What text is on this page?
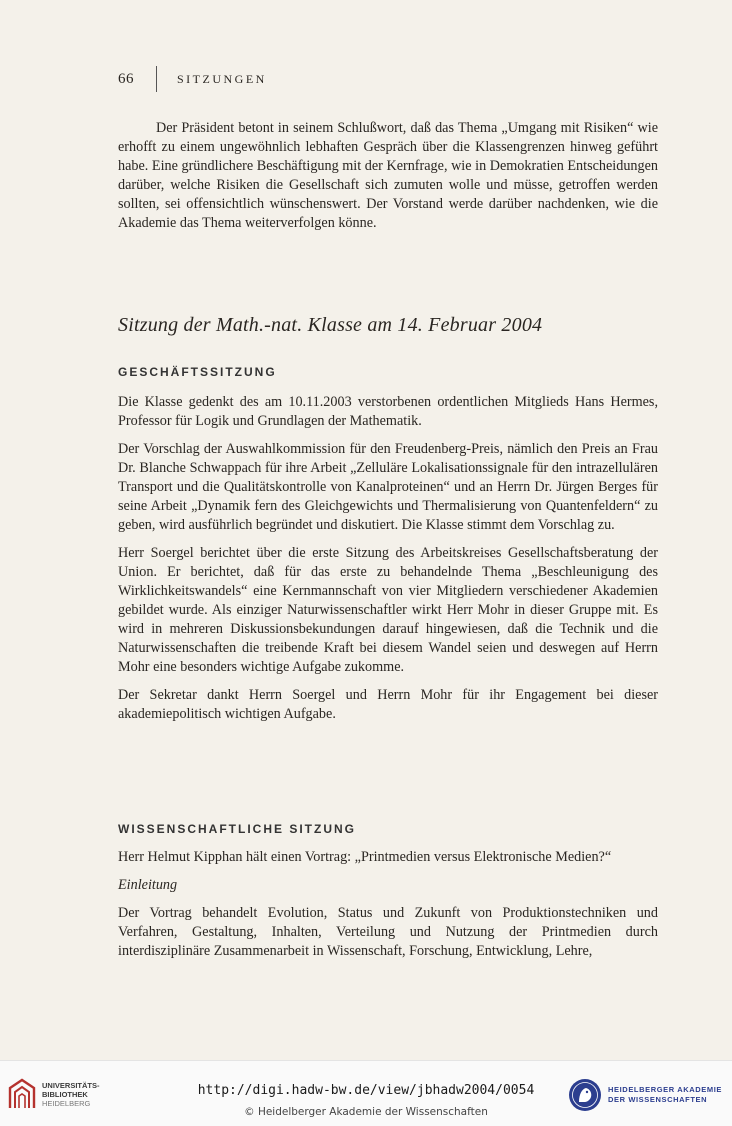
66	SITZUNGEN

Der Präsident betont in seinem Schlußwort, daß das Thema „Umgang mit Risiken“ wie erhofft zu einem ungewöhnlich lebhaften Gespräch über die Klassengrenzen hinweg geführt habe. Eine gründlichere Beschäftigung mit der Kernfrage, wie in Demokratien Entscheidungen darüber, welche Risiken die Gesellschaft sich zumuten wolle und müsse, getroffen werden sollten, sei offensichtlich wünschenswert. Der Vorstand werde darüber nachdenken, wie die Akademie das Thema weiterverfolgen könne.

Sitzung der Math.-nat. Klasse am 14. Februar 2004
GESCHÄFTSSITZUNG

Die Klasse gedenkt des am 10.11.2003 verstorbenen ordentlichen Mitglieds Hans Hermes, Professor für Logik und Grundlagen der Mathematik.

Der Vorschlag der Auswahlkommission für den Freudenberg-Preis, nämlich den Preis an Frau Dr. Blanche Schwappach für ihre Arbeit „Zelluläre Lokalisationssignale für den intrazellulären Transport und die Qualitätskontrolle von Kanalproteinen“ und an Herrn Dr. Jürgen Berges für seine Arbeit „Dynamik fern des Gleichgewichts und Thermalisierung von Quantenfeldern“ zu geben, wird ausführlich begründet und diskutiert. Die Klasse stimmt dem Vorschlag zu.

Herr Soergel berichtet über die erste Sitzung des Arbeitskreises Gesellschaftsberatung der Union. Er berichtet, daß für das erste zu behandelnde Thema „Beschleunigung des Wirklichkeitswandels“ eine Kernmannschaft von vier Mitgliedern verschiedener Akademien gebildet wurde. Als einziger Naturwissenschaftler wirkt Herr Mohr in dieser Gruppe mit. Es wird in mehreren Diskussionsbekundungen darauf hingewiesen, daß die Technik und die Naturwissenschaften die treibende Kraft bei diesem Wandel seien und deswegen auf Herrn Mohr eine besonders wichtige Aufgabe zukomme.

Der Sekretar dankt Herrn Soergel und Herrn Mohr für ihr Engagement bei dieser akademiepolitisch wichtigen Aufgabe.

WISSENSCHAFTLICHE SITZUNG

Herr Helmut Kipphan hält einen Vortrag: „Printmedien versus Elektronische Medien?“

Einleitung

Der Vortrag behandelt Evolution, Status und Zukunft von Produktionstechniken und Verfahren, Gestaltung, Inhalten, Verteilung und Nutzung der Printmedien durch interdisziplinäre Zusammenarbeit in Wissenschaft, Forschung, Entwicklung, Lehre,

UNIVERSITÄTS-
BIBLIOTHEK
HEIDELBERG
http://digi.hadw-bw.de/view/jbhadw2004/0054
© Heidelberger Akademie der Wissenschaften
HEIDELBERGER AKADEMIE
DER WISSENSCHAFTEN
